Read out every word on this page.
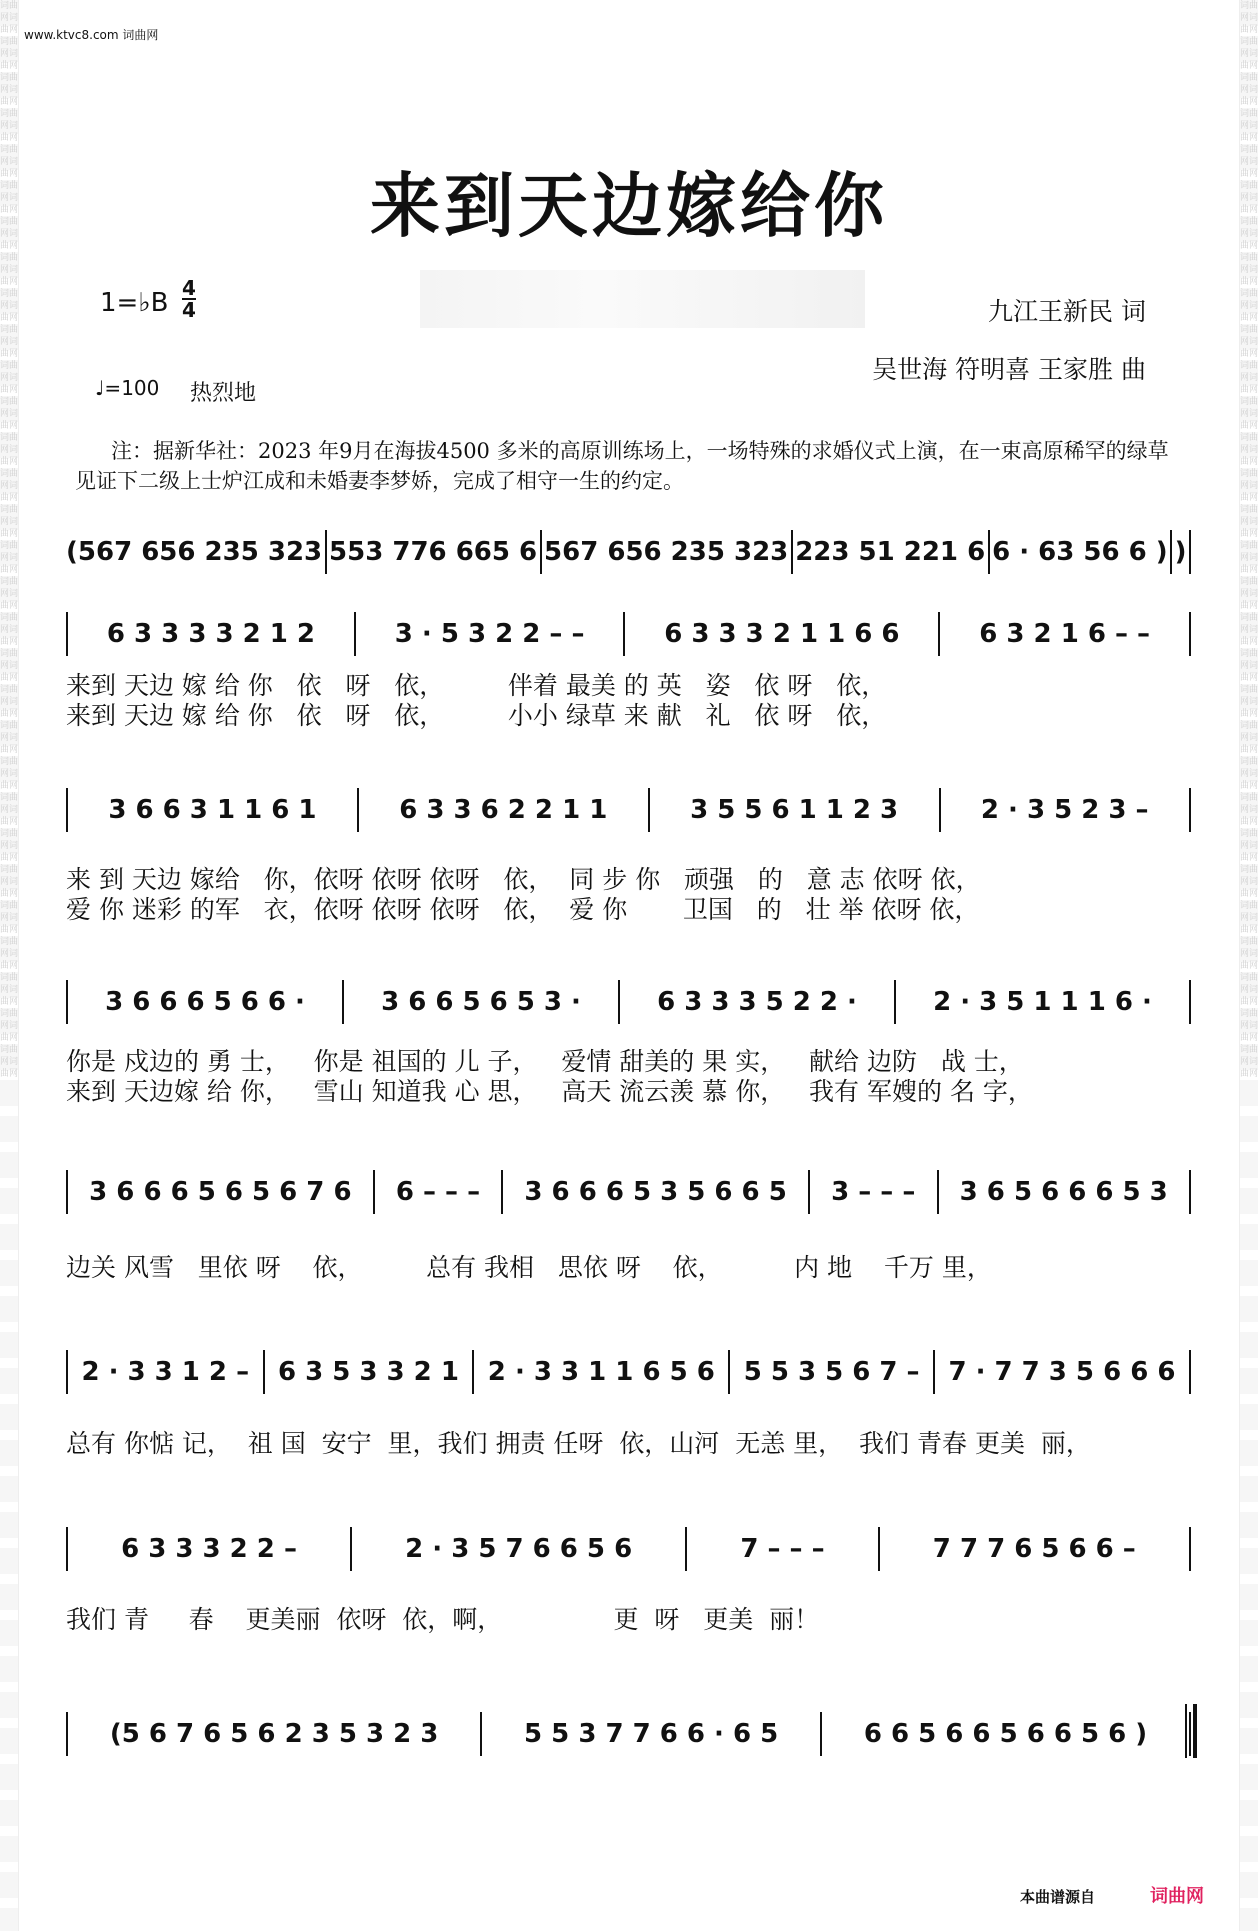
词曲网词曲网词曲网词曲网词曲网词曲网词曲网词曲网词曲网词曲网词曲网词曲网词曲网词曲网词曲网词曲网词曲网词曲网词曲网词曲网词曲网词曲网词曲网词曲网词曲网词曲网词曲网词曲网词曲网词曲网词曲网词曲网词曲网词曲网词曲网词曲网词曲网词曲网词曲网词曲网词曲网词曲网词曲网词曲网词曲网词曲网词曲网词曲网词曲网词曲网词曲网词曲网词曲网词曲网词曲网词曲网词曲网词曲网词曲网词曲网
词曲网词曲网词曲网词曲网词曲网词曲网词曲网词曲网词曲网词曲网词曲网词曲网词曲网词曲网词曲网词曲网词曲网词曲网词曲网词曲网词曲网词曲网词曲网词曲网词曲网词曲网词曲网词曲网词曲网词曲网词曲网词曲网词曲网词曲网词曲网词曲网词曲网词曲网词曲网词曲网词曲网词曲网词曲网词曲网词曲网词曲网词曲网词曲网词曲网词曲网词曲网词曲网词曲网词曲网词曲网词曲网词曲网词曲网词曲网词曲网
www.ktvc8.com 词曲网
来到天边嫁给你
1=♭B 4
4
♩=100 热烈地
九江王新民 词
吴世海 符明喜 王家胜 曲
注：据新华社：2023 年9月在海拔4500 多米的高原训练场上，一场特殊的求婚仪式上演，在一束高原稀罕的绿草见证下二级上士炉江成和未婚妻李梦娇，完成了相守一生的约定。
(567 656 235 323 553 776 665 6 567 656 235 323 223 51 221 6 6 · 63 56 6 ) )
6 3 3 3 3 2 1 2	3 · 5 3 2 2 – –	6 3 3 3 2 1 1 6 6	6 3 2 1 6 – –
来到 天边 嫁 给 你   依   呀   依，        伴着 最美 的 英   姿   依 呀   依，
来到 天边 嫁 给 你   依   呀   依，        小小 绿草 来 献   礼   依 呀   依，
3 6 6 3 1 1 6 1	6 3 3 6 2 2 1 1	3 5 5 6 1 1 2 3	2 · 3 5 2 3 –
来 到 天边 嫁给   你，依呀 依呀 依呀   依，  同 步 你   顽强   的   意 志 依呀 依，
爱 你 迷彩 的军   衣，依呀 依呀 依呀   依，  爱 你       卫国   的   壮 举 依呀 依，
3 6 6 6 5 6 6 ·	3 6 6 5 6 5 3 ·	6 3 3 3 5 2 2 ·	2 · 3 5 1 1 1 6 ·
你是 戍边的 勇 士，   你是 祖国的 儿 子，   爱情 甜美的 果 实，   献给 边防   战 士，
来到 天边嫁 给 你，   雪山 知道我 心 思，   高天 流云羡 慕 你，   我有 军嫂的 名 字，
3 6 6 6 5 6 5 6 7 6 6 – – – 3 6 6 6 5 3 5 6 6 5 3 – – – 3 6 5 6 6 6 5 3
边关 风雪   里依 呀    依，        总有 我相   思依 呀    依，         内 地    千万 里，
2 · 3 3 1 2 – 6 3 5 3 3 2 1 2 · 3 3 1 1 6 5 6 5 5 3 5 6 7 – 7 · 7 7 3 5 6 6 6
总有 你惦 记，  祖 国  安宁  里，我们 拥责 任呀  依，山河  无恙 里，  我们 青春 更美  丽，
6 3 3 3 2 2 –	2 · 3 5 7 6 6 5 6	7 – – –	7 7 7 6 5 6 6 –
我们 青     春    更美丽  依呀  依，啊，              更  呀   更美  丽！
(5 6 7 6 5 6 2 3 5 3 2 3	5 5 3 7 7 6 6 · 6 5	6 6 5 6 6 5 6 6 5 6 )
本曲谱源自	词曲网
